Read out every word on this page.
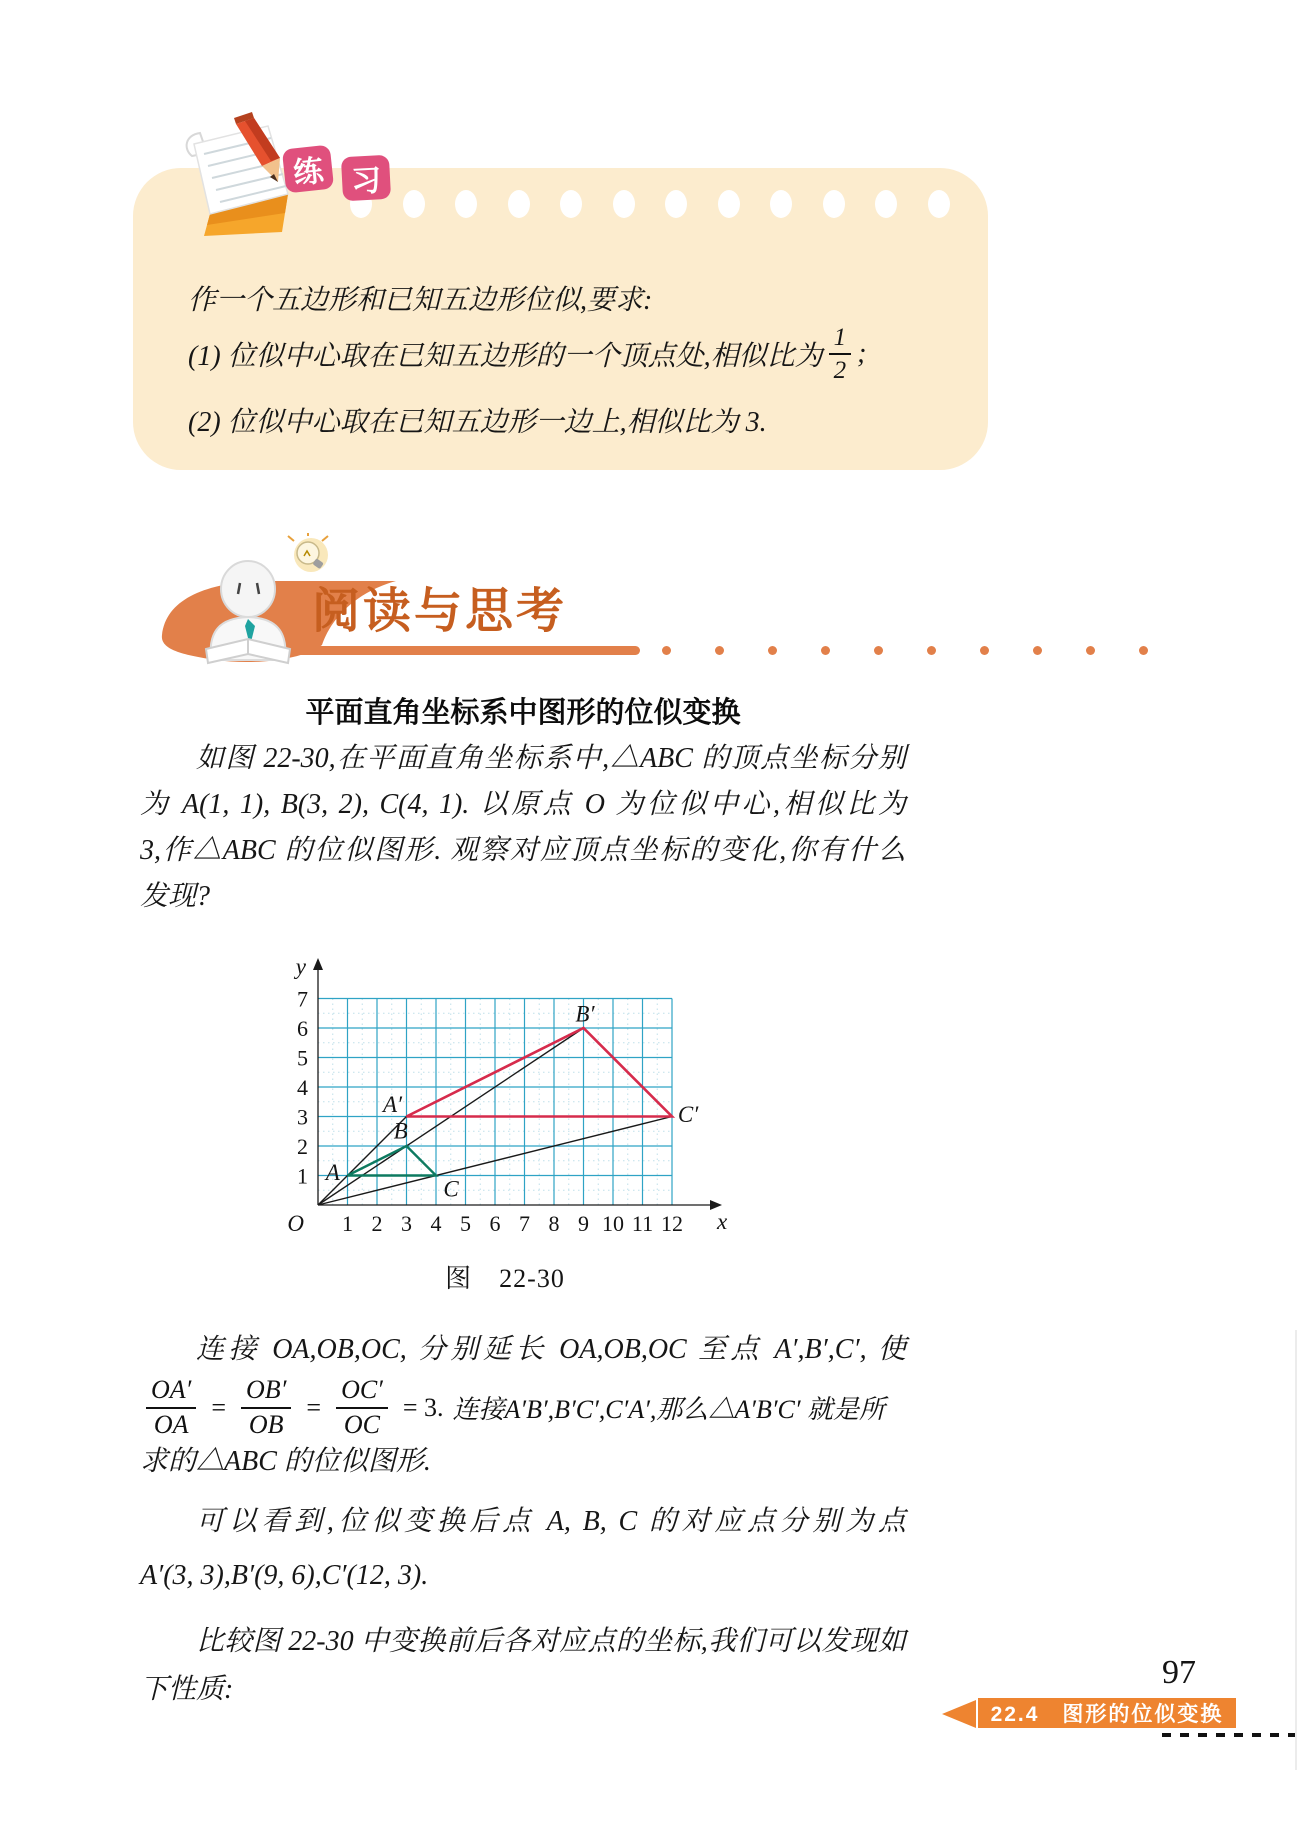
练 习
作一个五边形和已知五边形位似,要求:
(1) 位似中心取在已知五边形的一个顶点处,相似比为 $\frac{1}{2}$ ;
(2) 位似中心取在已知五边形一边上,相似比为 3.
阅读与思考
平面直角坐标系中图形的位似变换
如图 22-30,在平面直角坐标系中,△ABC 的顶点坐标分别
为 A(1, 1), B(3, 2), C(4, 1). 以原点 O 为位似中心,相似比为
3,作△ABC 的位似图形. 观察对应顶点坐标的变化,你有什么
发现?
1 2 3 4 5 6 7 8 9 10 11 12
1
2
3
4
5
6
7
O	x
y
A
B
C
A′
B′
C′
图　22-30
连接 OA,OB,OC, 分别延长 OA,OB,OC 至点 A′,B′,C′, 使
$\frac{OA'}{OA} = \frac{OB'}{OB} = \frac{OC'}{OC} = 3$. 连接A′B′,B′C′,C′A′,那么△A′B′C′ 就是所
求的△ABC 的位似图形.
可以看到,位似变换后点 A, B, C 的对应点分别为点
A′(3, 3),B′(9, 6),C′(12, 3).
比较图 22-30 中变换前后各对应点的坐标,我们可以发现如
下性质:	97
22.4　图形的位似变换
